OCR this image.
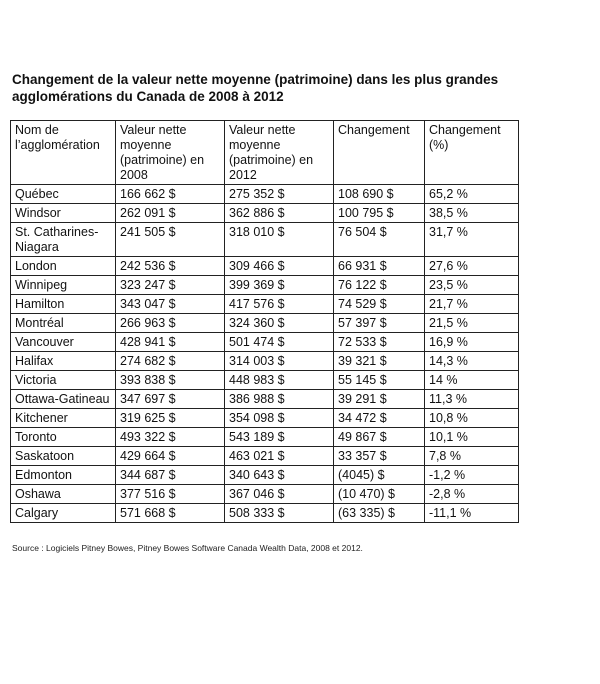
Changement de la valeur nette moyenne (patrimoine) dans les plus grandes agglomérations du Canada de 2008 à 2012
Nom de l’agglomération	Valeur nette moyenne (patrimoine) en 2008	Valeur nette moyenne (patrimoine) en 2012	Changement	Changement (%)
Québec	166 662 $	275 352 $	108 690 $	65,2 %
Windsor	262 091 $	362 886 $	100 795 $	38,5 %
St. Catharines-Niagara	241 505 $	318 010 $	76 504 $	31,7 %
London	242 536 $	309 466 $	66 931 $	27,6 %
Winnipeg	323 247 $	399 369 $	76 122 $	23,5 %
Hamilton	343 047 $	417 576 $	74 529 $	21,7 %
Montréal	266 963 $	324 360 $	57 397 $	21,5 %
Vancouver	428 941 $	501 474 $	72 533 $	16,9 %
Halifax	274 682 $	314 003 $	39 321 $	14,3 %
Victoria	393 838 $	448 983 $	55 145 $	14 %
Ottawa-Gatineau	347 697 $	386 988 $	39 291 $	11,3 %
Kitchener	319 625 $	354 098 $	34 472 $	10,8 %
Toronto	493 322 $	543 189 $	49 867 $	10,1 %
Saskatoon	429 664 $	463 021 $	33 357 $	7,8 %
Edmonton	344 687 $	340 643 $	(4045) $	-1,2 %
Oshawa	377 516 $	367 046 $	(10 470) $	-2,8 %
Calgary	571 668 $	508 333 $	(63 335) $	-11,1 %
Source : Logiciels Pitney Bowes, Pitney Bowes Software Canada Wealth Data, 2008 et 2012.
